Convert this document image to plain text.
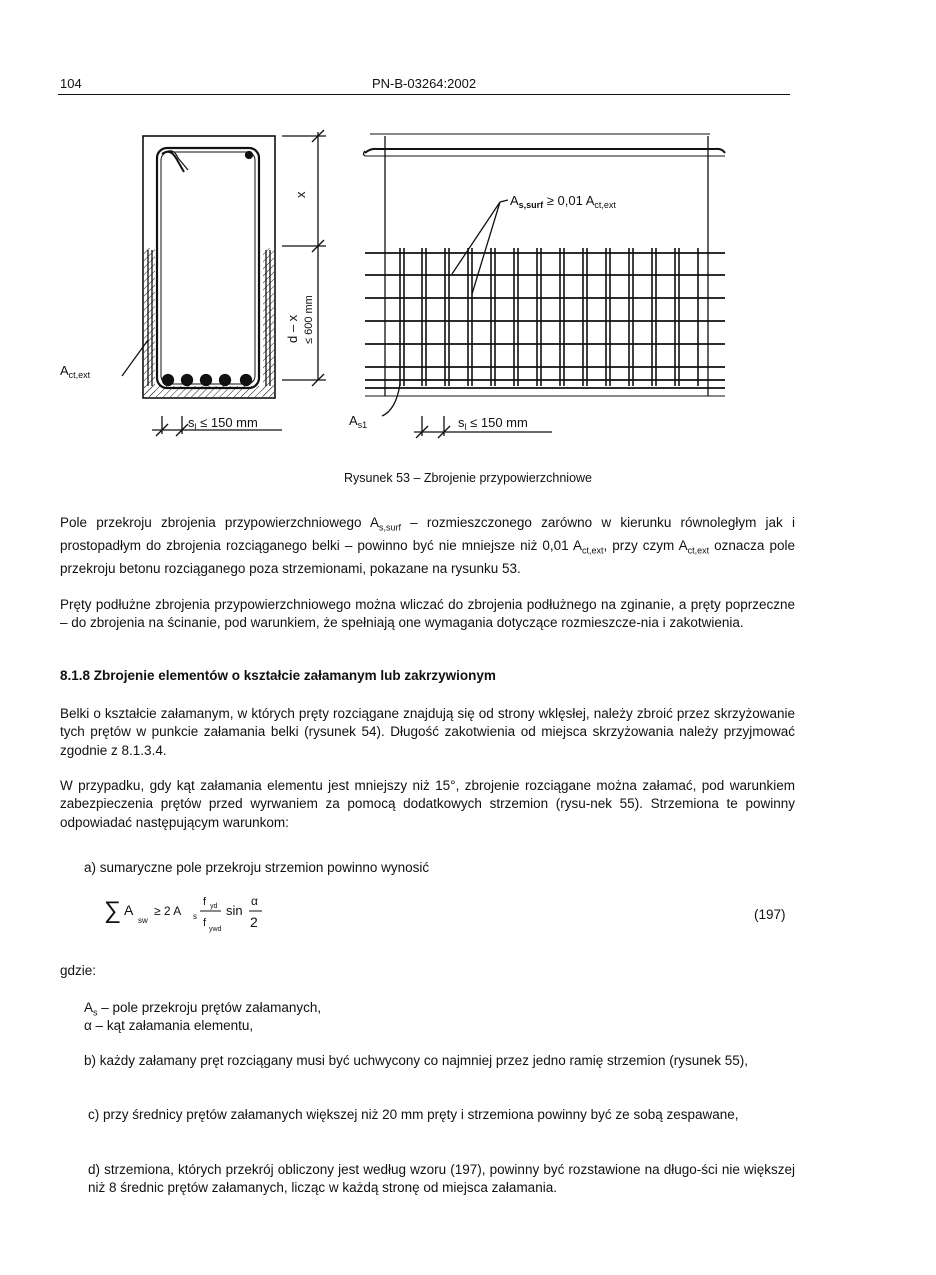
104	PN-B-03264:2002
$A_{ct,ext}$
x
d – x ≤ 600 mm
$s_l \le 150$ mm	$A_{s1}$	$s_l \le 150$ mm
$A_{s,surf} \ge 0,01$ $A_{ct,ext}$
Rysunek 53 – Zbrojenie przypowierzchniowe
Pole przekroju zbrojenia przypowierzchniowego $A_{s,surf}$ – rozmieszczonego zarówno w kierunku równoległym jak i prostopadłym do zbrojenia rozciąganego belki – powinno być nie mniejsze niż 0,01 $A_{ct,ext}$, przy czym $A_{ct,ext}$ oznacza pole przekroju betonu rozciąganego poza strzemionami, pokazane na rysunku 53.
Pręty podłużne zbrojenia przypowierzchniowego można wliczać do zbrojenia podłużnego na zginanie, a pręty poprzeczne – do zbrojenia na ścinanie, pod warunkiem, że spełniają one wymagania dotyczące rozmieszcze-nia i zakotwienia.
8.1.8 Zbrojenie elementów o kształcie załamanym lub zakrzywionym
Belki o kształcie załamanym, w których pręty rozciągane znajdują się od strony wklęsłej, należy zbroić przez skrzyżowanie tych prętów w punkcie załamania belki (rysunek 54). Długość zakotwienia od miejsca skrzyżowania należy przyjmować zgodnie z 8.1.3.4.
W przypadku, gdy kąt załamania elementu jest mniejszy niż 15°, zbrojenie rozciągane można załamać, pod warunkiem zabezpieczenia prętów przed wyrwaniem za pomocą dodatkowych strzemion (rysu-nek 55). Strzemiona te powinny odpowiadać następującym warunkom:
a) sumaryczne pole przekroju strzemion powinno wynosić
∑ A
sw
≥ 2 A s
f yd
f
ywd
sin
α
2	(197)
gdzie:
$A_s$ – pole przekroju prętów załamanych,
α – kąt załamania elementu,
b) każdy załamany pręt rozciągany musi być uchwycony co najmniej przez jedno ramię strzemion (rysunek 55),
c) przy średnicy prętów załamanych większej niż 20 mm pręty i strzemiona powinny być ze sobą zespawane,
d) strzemiona, których przekrój obliczony jest według wzoru (197), powinny być rozstawione na długo-ści nie większej niż 8 średnic prętów załamanych, licząc w każdą stronę od miejsca załamania.
